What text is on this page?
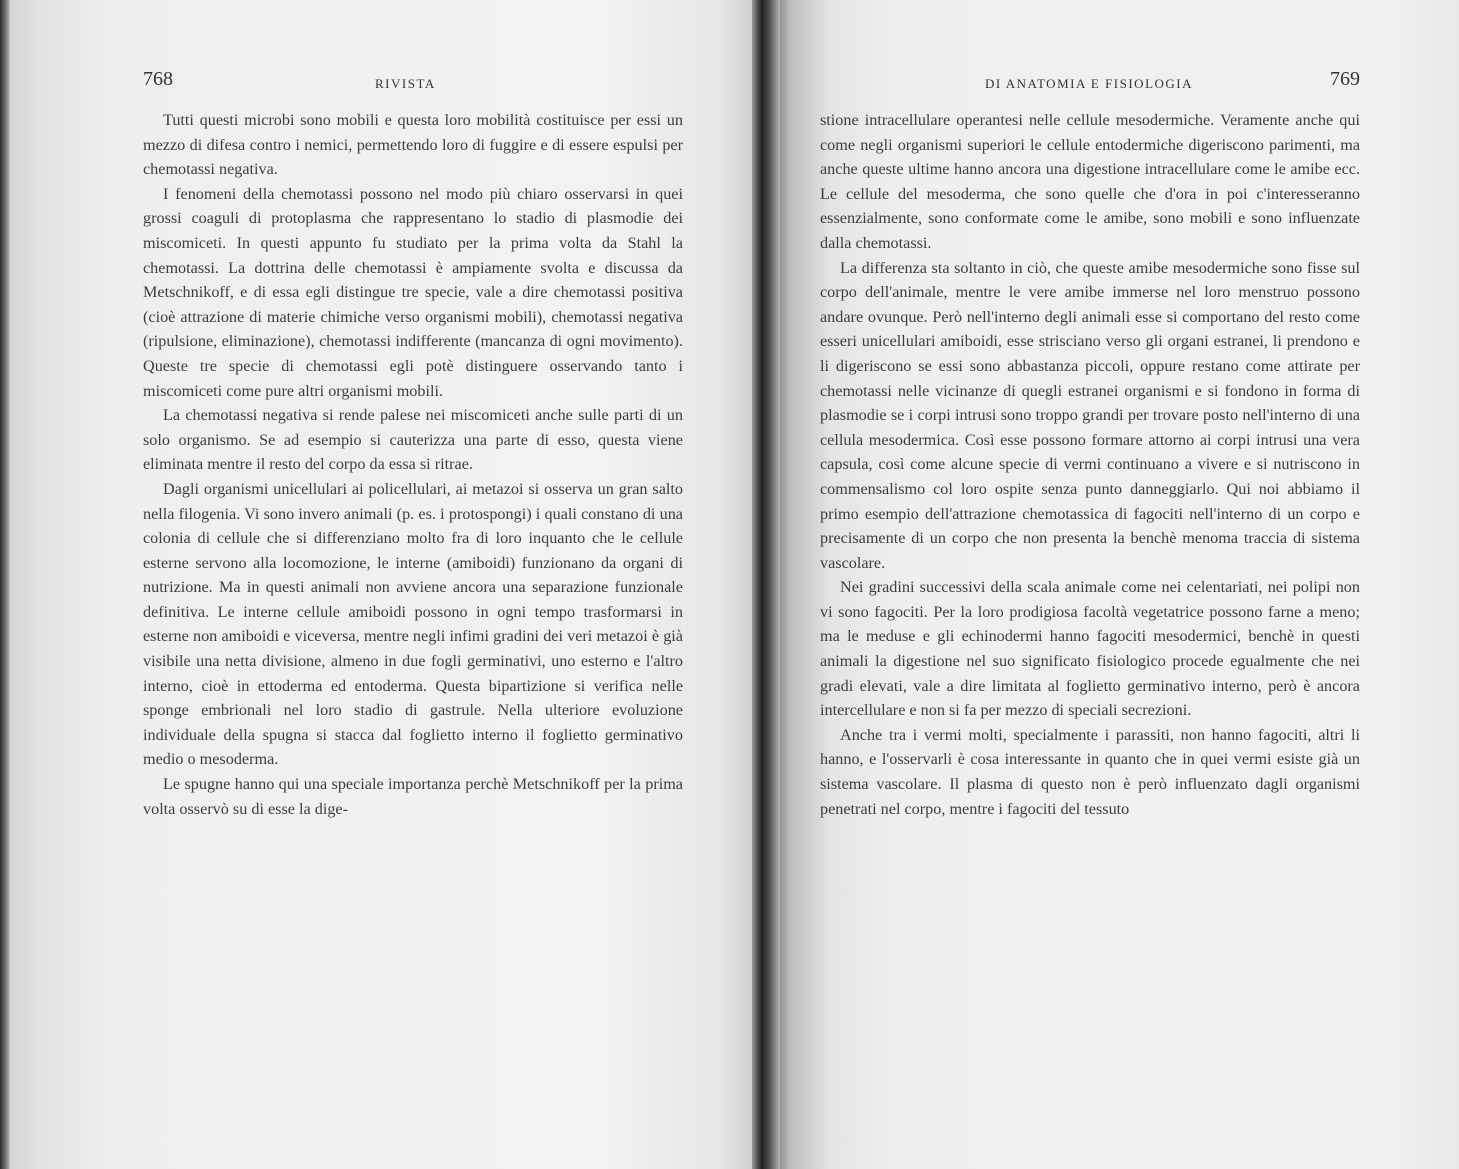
768	RIVISTA

Tutti questi microbi sono mobili e questa loro mobilità costituisce per essi un mezzo di difesa contro i nemici, permettendo loro di fuggire e di essere espulsi per chemotassi negativa.

I fenomeni della chemotassi possono nel modo più chiaro osservarsi in quei grossi coaguli di protoplasma che rappresentano lo stadio di plasmodie dei miscomiceti. In questi appunto fu studiato per la prima volta da Stahl la chemotassi. La dottrina delle chemotassi è ampiamente svolta e discussa da Metschnikoff, e di essa egli distingue tre specie, vale a dire chemotassi positiva (cioè attrazione di materie chimiche verso organismi mobili), chemotassi negativa (ripulsione, eliminazione), chemotassi indifferente (mancanza di ogni movimento). Queste tre specie di chemotassi egli potè distinguere osservando tanto i miscomiceti come pure altri organismi mobili.

La chemotassi negativa si rende palese nei miscomiceti anche sulle parti di un solo organismo. Se ad esempio si cauterizza una parte di esso, questa viene eliminata mentre il resto del corpo da essa si ritrae.

Dagli organismi unicellulari ai policellulari, ai metazoi si osserva un gran salto nella filogenia. Vi sono invero animali (p. es. i protospongi) i quali constano di una colonia di cellule che si differenziano molto fra di loro inquanto che le cellule esterne servono alla locomozione, le interne (amiboidi) funzionano da organi di nutrizione. Ma in questi animali non avviene ancora una separazione funzionale definitiva. Le interne cellule amiboidi possono in ogni tempo trasformarsi in esterne non amiboidi e viceversa, mentre negli infimi gradini dei veri metazoi è già visibile una netta divisione, almeno in due fogli germinativi, uno esterno e l'altro interno, cioè in ettoderma ed entoderma. Questa bipartizione si verifica nelle sponge embrionali nel loro stadio di gastrule. Nella ulteriore evoluzione individuale della spugna si stacca dal foglietto interno il foglietto germinativo medio o mesoderma.

Le spugne hanno qui una speciale importanza perchè Metschnikoff per la prima volta osservò su di esse la dige-

DI ANATOMIA E FISIOLOGIA	769

stione intracellulare operantesi nelle cellule mesodermiche. Veramente anche qui come negli organismi superiori le cellule entodermiche digeriscono parimenti, ma anche queste ultime hanno ancora una digestione intracellulare come le amibe ecc. Le cellule del mesoderma, che sono quelle che d'ora in poi c'interesseranno essenzialmente, sono conformate come le amibe, sono mobili e sono influenzate dalla chemotassi.

La differenza sta soltanto in ciò, che queste amibe mesodermiche sono fisse sul corpo dell'animale, mentre le vere amibe immerse nel loro menstruo possono andare ovunque. Però nell'interno degli animali esse si comportano del resto come esseri unicellulari amiboidi, esse strisciano verso gli organi estranei, li prendono e li digeriscono se essi sono abbastanza piccoli, oppure restano come attirate per chemotassi nelle vicinanze di quegli estranei organismi e si fondono in forma di plasmodie se i corpi intrusi sono troppo grandi per trovare posto nell'interno di una cellula mesodermica. Così esse possono formare attorno ai corpi intrusi una vera capsula, così come alcune specie di vermi continuano a vivere e si nutriscono in commensalismo col loro ospite senza punto danneggiarlo. Qui noi abbiamo il primo esempio dell'attrazione chemotassica di fagociti nell'interno di un corpo e precisamente di un corpo che non presenta la benchè menoma traccia di sistema vascolare.

Nei gradini successivi della scala animale come nei celentariati, nei polipi non vi sono fagociti. Per la loro prodigiosa facoltà vegetatrice possono farne a meno; ma le meduse e gli echinodermi hanno fagociti mesodermici, benchè in questi animali la digestione nel suo significato fisiologico procede egualmente che nei gradi elevati, vale a dire limitata al foglietto germinativo interno, però è ancora intercellulare e non si fa per mezzo di speciali secrezioni.

Anche tra i vermi molti, specialmente i parassiti, non hanno fagociti, altri li hanno, e l'osservarli è cosa interessante in quanto che in quei vermi esiste già un sistema vascolare. Il plasma di questo non è però influenzato dagli organismi penetrati nel corpo, mentre i fagociti del tessuto
